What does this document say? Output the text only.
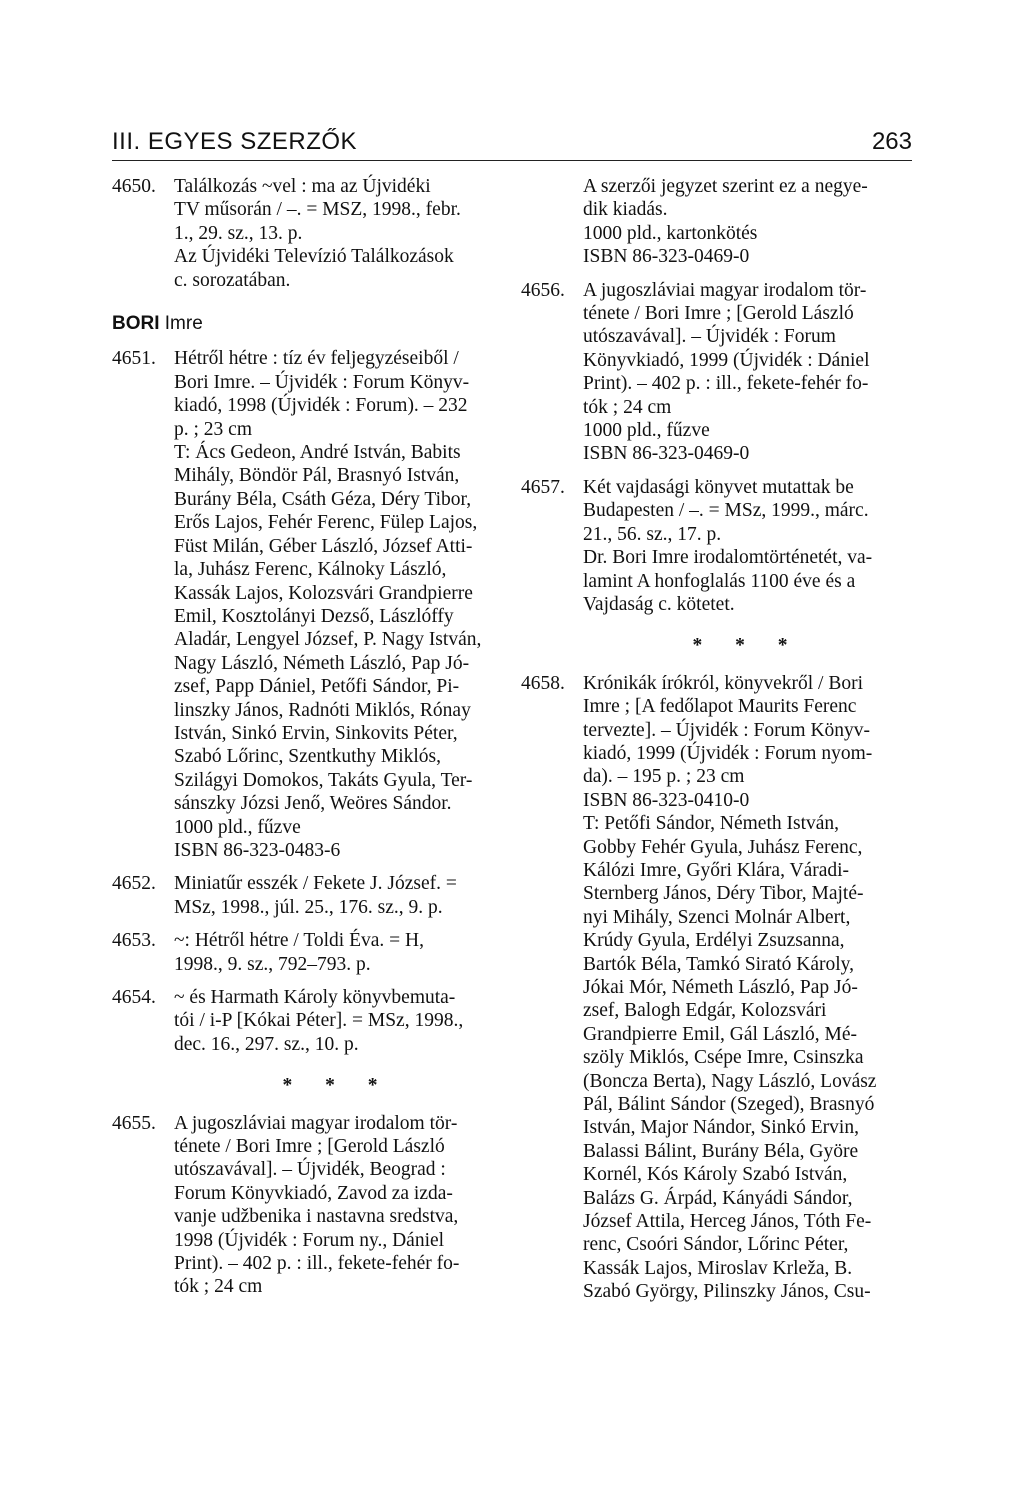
III. EGYES SZERZŐK	263
4650. Találkozás ~vel : ma az Újvidéki
TV műsorán / –. = MSZ, 1998., febr.
1., 29. sz., 13. p.
Az Újvidéki Televízió Találkozások
c. sorozatában.
BORI Imre
4651. Hétről hétre : tíz év feljegyzéseiből /
Bori Imre. – Újvidék : Forum Könyv-
kiadó, 1998 (Újvidék : Forum). – 232
p. ; 23 cm
T: Ács Gedeon, André István, Babits
Mihály, Böndör Pál, Brasnyó István,
Burány Béla, Csáth Géza, Déry Tibor,
Erős Lajos, Fehér Ferenc, Fülep Lajos,
Füst Milán, Géber László, József Atti-
la, Juhász Ferenc, Kálnoky László,
Kassák Lajos, Kolozsvári Grandpierre
Emil, Kosztolányi Dezső, Lászlóffy
Aladár, Lengyel József, P. Nagy István,
Nagy László, Németh László, Pap Jó-
zsef, Papp Dániel, Petőfi Sándor, Pi-
linszky János, Radnóti Miklós, Rónay
István, Sinkó Ervin, Sinkovits Péter,
Szabó Lőrinc, Szentkuthy Miklós,
Szilágyi Domokos, Takáts Gyula, Ter-
sánszky Józsi Jenő, Weöres Sándor.
1000 pld., fűzve
ISBN 86-323-0483-6
4652. Miniatűr esszék / Fekete J. József. =
MSz, 1998., júl. 25., 176. sz., 9. p.
4653. ~: Hétről hétre / Toldi Éva. = H,
1998., 9. sz., 792–793. p.
4654. ~ és Harmath Károly könyvbemuta-
tói / i-P [Kókai Péter]. = MSz, 1998.,
dec. 16., 297. sz., 10. p.
* * *
4655. A jugoszláviai magyar irodalom tör-
ténete / Bori Imre ; [Gerold László
utószavával]. – Újvidék, Beograd :
Forum Könyvkiadó, Zavod za izda-
vanje udžbenika i nastavna sredstva,
1998 (Újvidék : Forum ny., Dániel
Print). – 402 p. : ill., fekete-fehér fo-
tók ; 24 cm
A szerzői jegyzet szerint ez a negye-
dik kiadás.
1000 pld., kartonkötés
ISBN 86-323-0469-0
4656. A jugoszláviai magyar irodalom tör-
ténete / Bori Imre ; [Gerold László
utószavával]. – Újvidék : Forum
Könyvkiadó, 1999 (Újvidék : Dániel
Print). – 402 p. : ill., fekete-fehér fo-
tók ; 24 cm
1000 pld., fűzve
ISBN 86-323-0469-0
4657. Két vajdasági könyvet mutattak be
Budapesten / –. = MSz, 1999., márc.
21., 56. sz., 17. p.
Dr. Bori Imre irodalomtörténetét, va-
lamint A honfoglalás 1100 éve és a
Vajdaság c. kötetet.
* * *
4658. Krónikák írókról, könyvekről / Bori
Imre ; [A fedőlapot Maurits Ferenc
tervezte]. – Újvidék : Forum Könyv-
kiadó, 1999 (Újvidék : Forum nyom-
da). – 195 p. ; 23 cm
ISBN 86-323-0410-0
T: Petőfi Sándor, Németh István,
Gobby Fehér Gyula, Juhász Ferenc,
Kálózi Imre, Győri Klára, Váradi-
Sternberg János, Déry Tibor, Majté-
nyi Mihály, Szenci Molnár Albert,
Krúdy Gyula, Erdélyi Zsuzsanna,
Bartók Béla, Tamkó Sirató Károly,
Jókai Mór, Németh László, Pap Jó-
zsef, Balogh Edgár, Kolozsvári
Grandpierre Emil, Gál László, Mé-
szöly Miklós, Csépe Imre, Csinszka
(Boncza Berta), Nagy László, Lovász
Pál, Bálint Sándor (Szeged), Brasnyó
István, Major Nándor, Sinkó Ervin,
Balassi Bálint, Burány Béla, Györe
Kornél, Kós Károly Szabó István,
Balázs G. Árpád, Kányádi Sándor,
József Attila, Herceg János, Tóth Fe-
renc, Csoóri Sándor, Lőrinc Péter,
Kassák Lajos, Miroslav Krleža, B.
Szabó György, Pilinszky János, Csu-
